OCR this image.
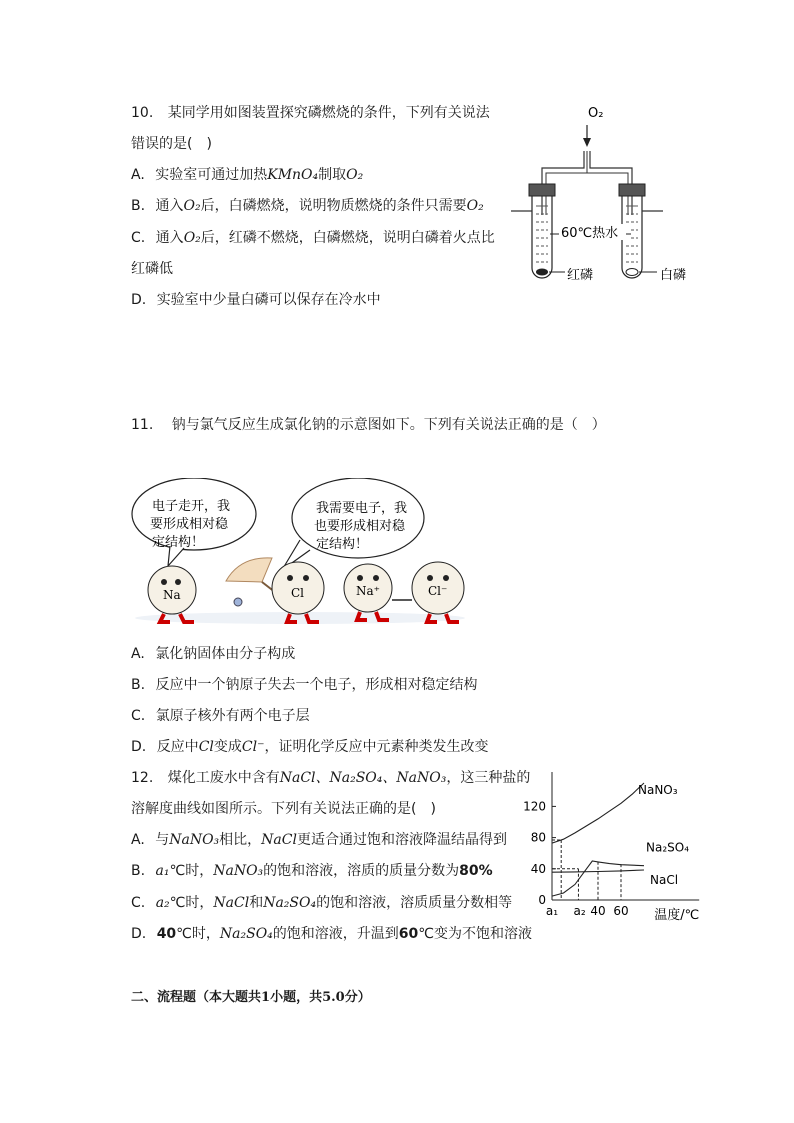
10. 某同学用如图装置探究磷燃烧的条件，下列有关说法
错误的是(　)
A. 实验室可通过加热KMnO₄制取O₂
B. 通入O₂后，白磷燃烧，说明物质燃烧的条件只需要O₂
C. 通入O₂后，红磷不燃烧，白磷燃烧，说明白磷着火点比
红磷低
D. 实验室中少量白磷可以保存在冷水中
O₂
60℃热水
红磷	白磷
11. 钠与氯气反应生成氯化钠的示意图如下。下列有关说法正确的是（　）
电子走开，我
要形成相对稳
定结构！
我需要电子，我
也要形成相对稳
定结构！
Na	Cl	Na⁺	Cl⁻
A. 氯化钠固体由分子构成
B. 反应中一个钠原子失去一个电子，形成相对稳定结构
C. 氯原子核外有两个电子层
D. 反应中Cl变成Cl⁻，证明化学反应中元素种类发生改变
12. 煤化工废水中含有NaCl、Na₂SO₄、NaNO₃，这三种盐的
溶解度曲线如图所示。下列有关说法正确的是(　)
A. 与NaNO₃相比，NaCl更适合通过饱和溶液降温结晶得到
B. a₁℃时，NaNO₃的饱和溶液，溶质的质量分数为80%
C. a₂℃时，NaCl和Na₂SO₄的饱和溶液，溶质质量分数相等
D. 40℃时，Na₂SO₄的饱和溶液，升温到60℃变为不饱和溶液
0
40
80
120
a₁ a₂ 40 60 温度/℃
NaNO₃
Na₂SO₄
NaCl
二、流程题（本大题共1小题，共5.0分）
